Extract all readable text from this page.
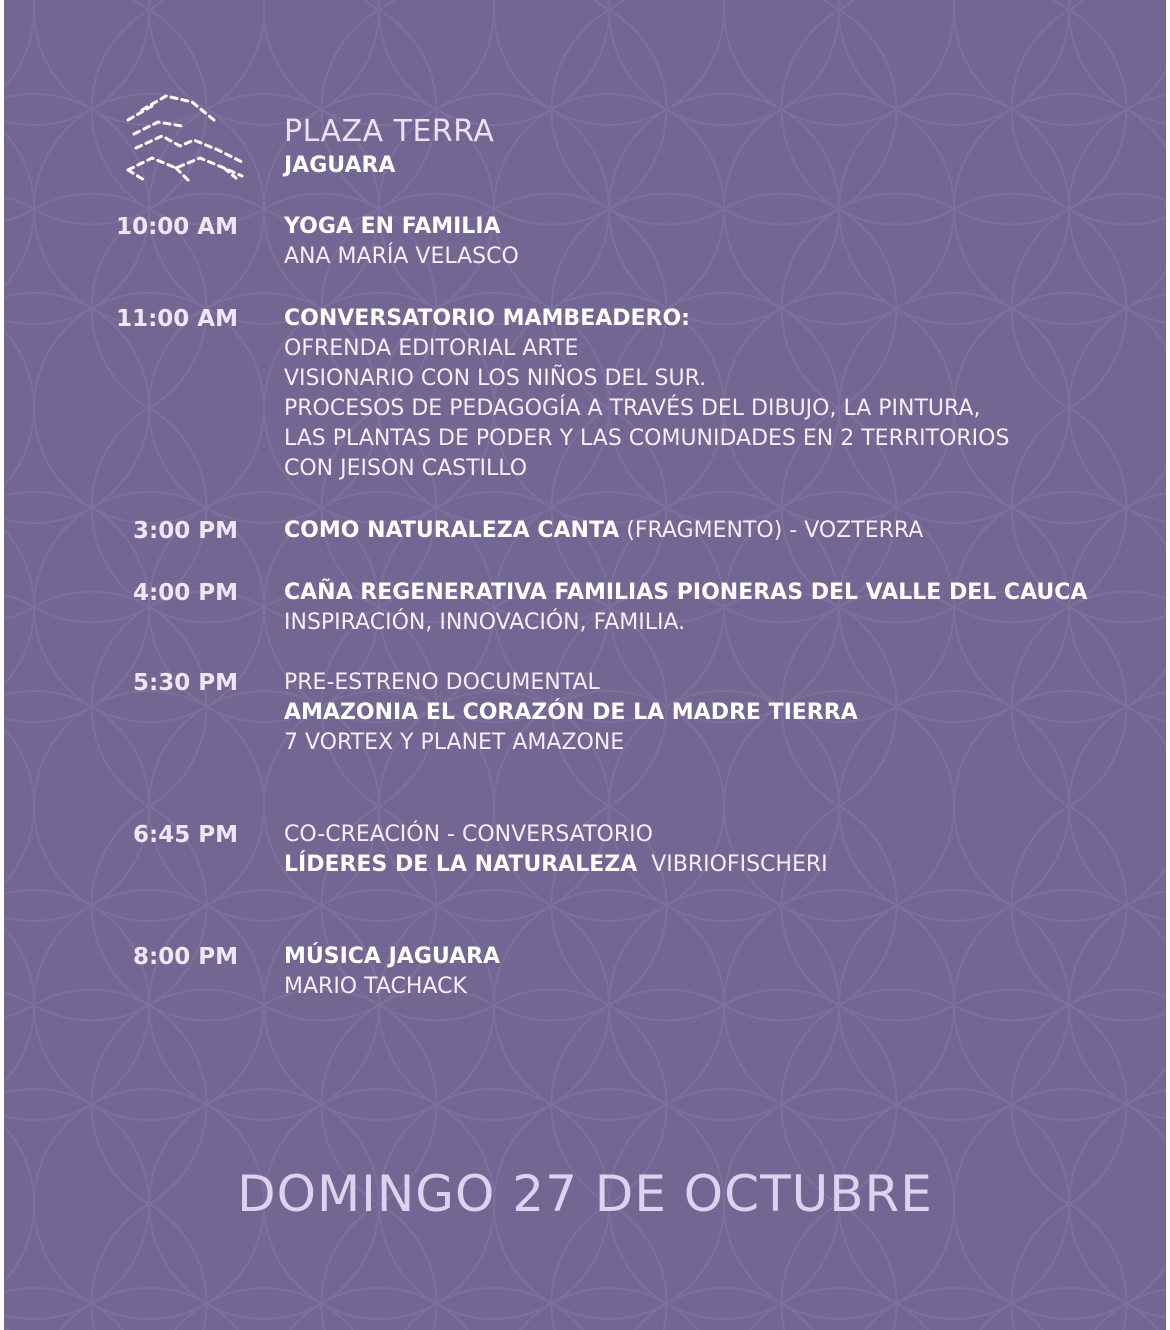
PLAZA TERRA
JAGUARA
10:00 AM YOGA EN FAMILIA
ANA MARÍA VELASCO
11:00 AM CONVERSATORIO MAMBEADERO:
OFRENDA EDITORIAL ARTE
VISIONARIO CON LOS NIÑOS DEL SUR.
PROCESOS DE PEDAGOGÍA A TRAVÉS DEL DIBUJO, LA PINTURA,
LAS PLANTAS DE PODER Y LAS COMUNIDADES EN 2 TERRITORIOS
CON JEISON CASTILLO
3:00 PM COMO NATURALEZA CANTA (FRAGMENTO) - VOZTERRA
4:00 PM CAÑA REGENERATIVA FAMILIAS PIONERAS DEL VALLE DEL CAUCA
INSPIRACIÓN, INNOVACIÓN, FAMILIA.
5:30 PM PRE-ESTRENO DOCUMENTAL
AMAZONIA EL CORAZÓN DE LA MADRE TIERRA
7 VORTEX Y PLANET AMAZONE
6:45 PM CO-CREACIÓN - CONVERSATORIO
LÍDERES DE LA NATURALEZA  VIBRIOFISCHERI
8:00 PM MÚSICA JAGUARA
MARIO TACHACK
DOMINGO 27 DE OCTUBRE
